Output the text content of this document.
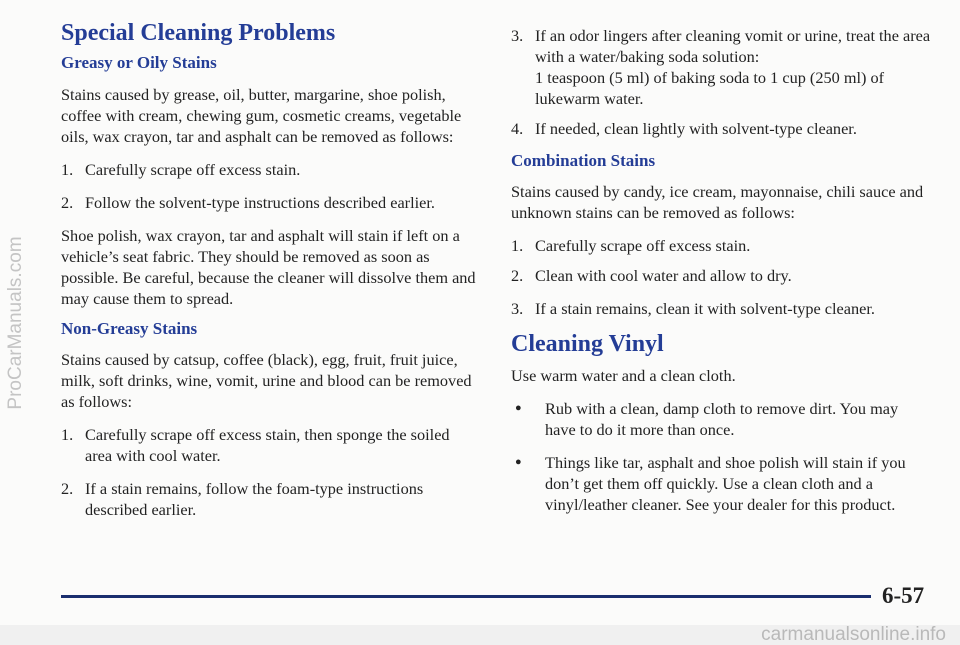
ProCarManuals.com
Special Cleaning Problems
Greasy or Oily Stains

Stains caused by grease, oil, butter, margarine, shoe polish, coffee with cream, chewing gum, cosmetic creams, vegetable oils, wax crayon, tar and asphalt can be removed as follows:

1. Carefully scrape off excess stain.
2. Follow the solvent-type instructions described earlier.

Shoe polish, wax crayon, tar and asphalt will stain if left on a vehicle’s seat fabric. They should be removed as soon as possible. Be careful, because the cleaner will dissolve them and may cause them to spread.

Non-Greasy Stains

Stains caused by catsup, coffee (black), egg, fruit, fruit juice, milk, soft drinks, wine, vomit, urine and blood can be removed as follows:

1. Carefully scrape off excess stain, then sponge the soiled area with cool water.
2. If a stain remains, follow the foam-type instructions described earlier.
3. If an odor lingers after cleaning vomit or urine, treat the area with a water/baking soda solution:
1 teaspoon (5 ml) of baking soda to 1 cup (250 ml) of lukewarm water.
4. If needed, clean lightly with solvent-type cleaner.
Combination Stains

Stains caused by candy, ice cream, mayonnaise, chili sauce and unknown stains can be removed as follows:

1. Carefully scrape off excess stain.
2. Clean with cool water and allow to dry.
3. If a stain remains, clean it with solvent-type cleaner.
Cleaning Vinyl

Use warm water and a clean cloth.

●	Rub with a clean, damp cloth to remove dirt. You may have to do it more than once.
●	Things like tar, asphalt and shoe polish will stain if you don’t get them off quickly. Use a clean cloth and a vinyl/leather cleaner. See your dealer for this product.
6-57
carmanualsonline.info
